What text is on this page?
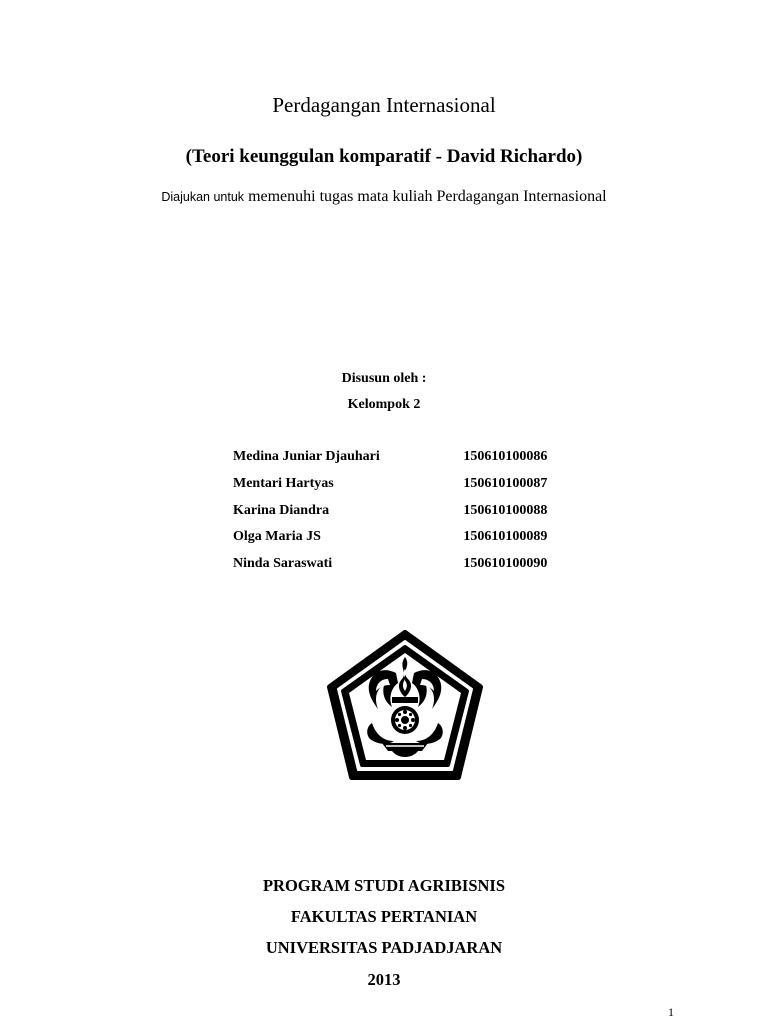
Perdagangan Internasional
(Teori keunggulan komparatif - David Richardo)
Diajukan untuk memenuhi tugas mata kuliah Perdagangan Internasional
Disusun oleh :
Kelompok 2
Medina Juniar Djauhari	150610100086
Mentari Hartyas	150610100087
Karina Diandra	150610100088
Olga Maria JS	150610100089
Ninda Saraswati	150610100090
PROGRAM STUDI AGRIBISNIS
FAKULTAS PERTANIAN
UNIVERSITAS PADJADJARAN
2013
1
